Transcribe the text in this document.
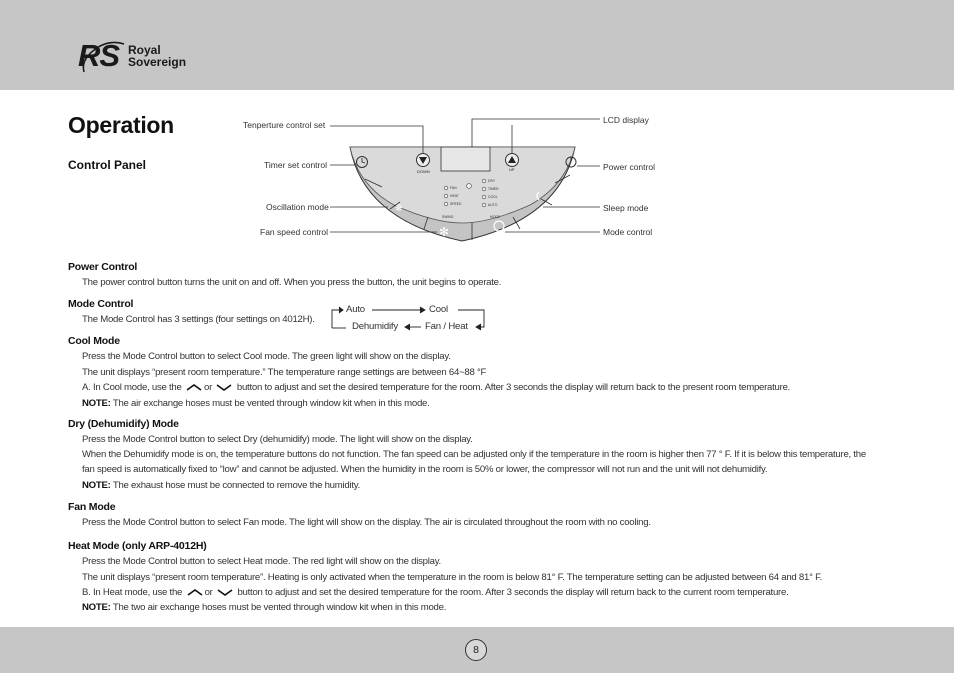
RS Royal
Sovereign
Operation
Control Panel	DOWN	UP
FAN
HEAT
SPEED
DRY
TIMER
COOL
AUTO
SWING	MODE
❋
✻
Tenperture control set
Timer set control
Oscillation mode
Fan speed control
LCD display
Power control
Sleep mode
Mode control
Power Control
The power control button turns the unit on and off. When you press the button, the unit begins to operate.
Mode Control
The Mode Control has 3 settings (four settings on 4012H).
Auto	Cool
Dehumidify	Fan / Heat
Cool Mode
Press the Mode Control button to select Cool mode. The green light will show on the display.
The unit displays “present room temperature.” The temperature range settings are between 64~88 °F
A. In Cool mode, use the or	button to adjust and set the desired temperature for the room. After 3 seconds the display will return back to the present room temperature.
NOTE: The air exchange hoses must be vented through window kit when in this mode.
Dry (Dehumidify) Mode
Press the Mode Control button to select Dry (dehumidify) mode. The light will show on the display.
When the Dehumidify mode is on, the temperature buttons do not function. The fan speed can be adjusted only if the temperature in the room is higher then 77 ° F. If it is below this temperature, the
fan speed is automatically fixed to “low” and cannot be adjusted. When the humidity in the room is 50% or lower, the compressor will not run and the unit will not dehumidify.
NOTE: The exhaust hose must be connected to remove the humidity.
Fan Mode
Press the Mode Control button to select Fan mode. The light will show on the display. The air is circulated throughout the room with no cooling.
Heat Mode (only ARP-4012H)
Press the Mode Control button to select Heat mode. The red light will show on the display.
The unit displays “present room temperature”. Heating is only activated when the temperature in the room is below 81° F. The temperature setting can be adjusted between 64 and 81° F.
B. In Heat mode, use the or	button to adjust and set the desired temperature for the room. After 3 seconds the display will return back to the current room temperature.
NOTE: The two air exchange hoses must be vented through window kit when in this mode.
8
